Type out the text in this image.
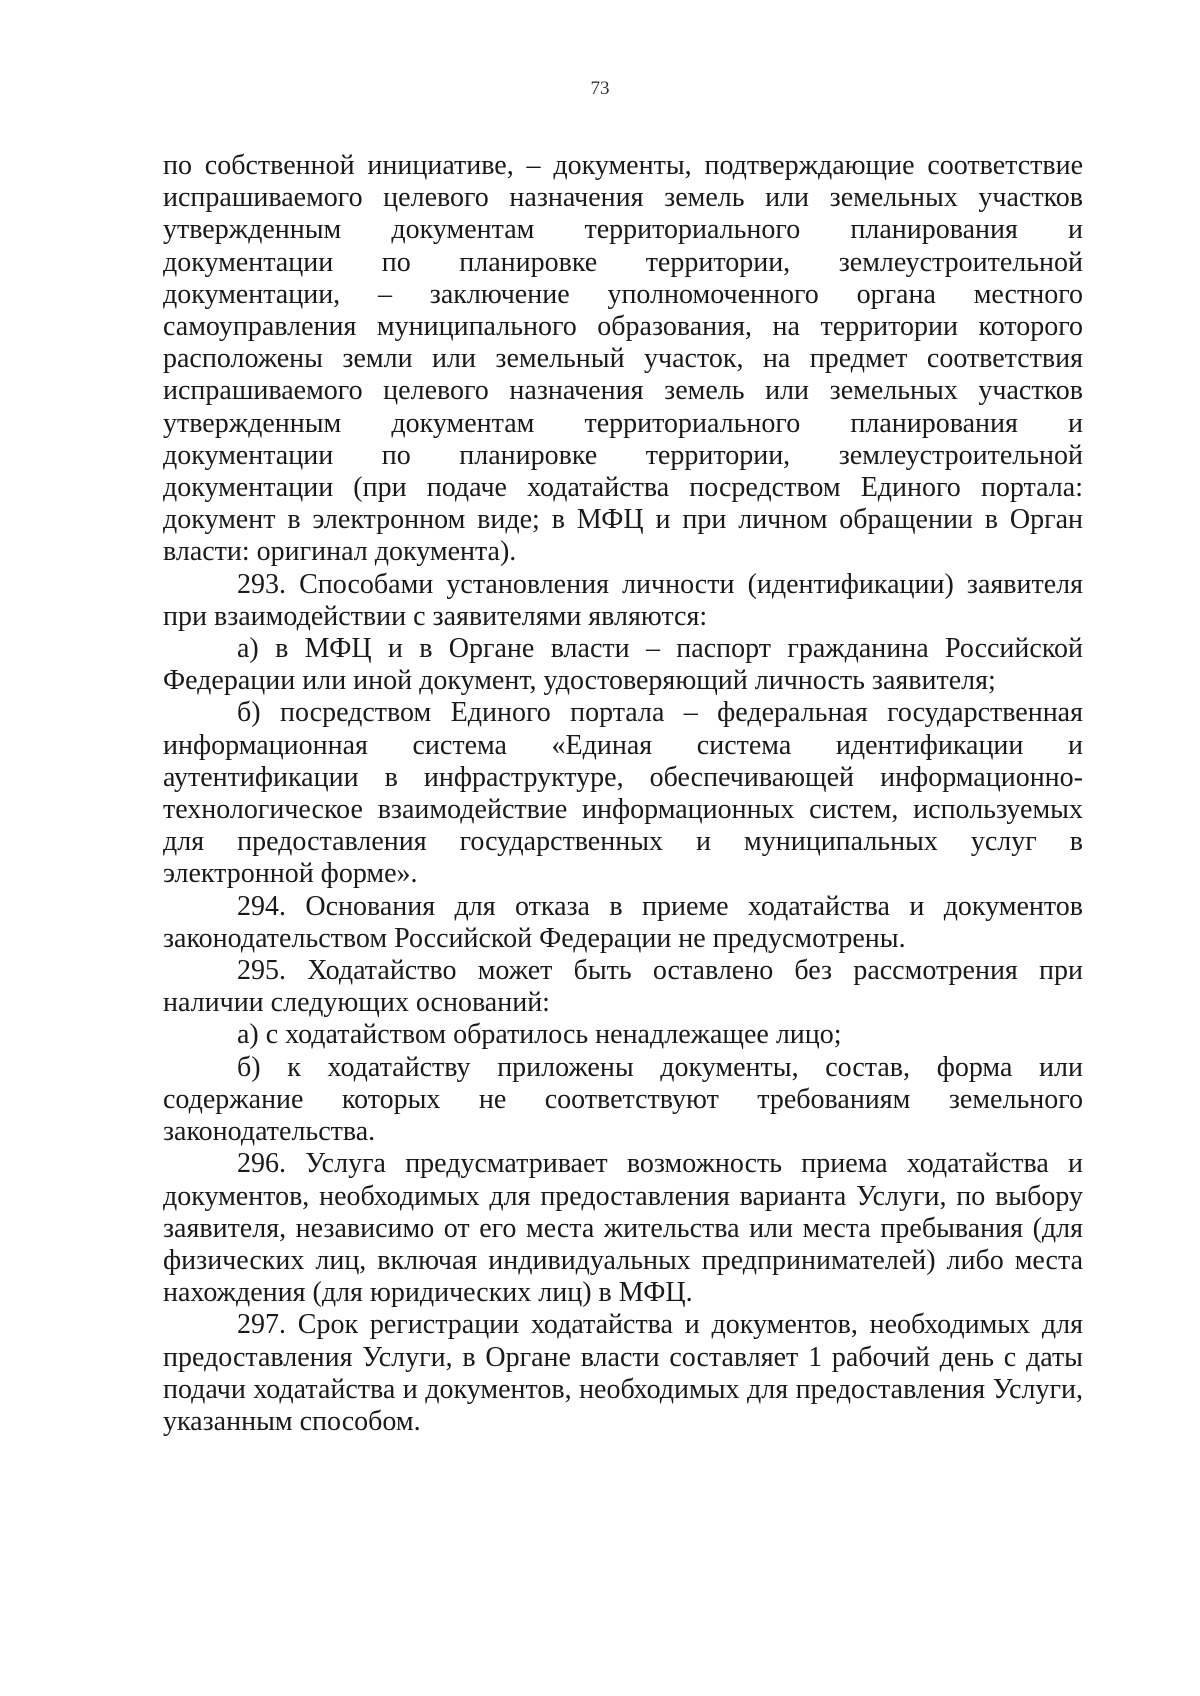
73

по собственной инициативе, – документы, подтверждающие соответствие испрашиваемого целевого назначения земель или земельных участков утвержденным документам территориального планирования и документации по планировке территории, землеустроительной документации, – заключение уполномоченного органа местного самоуправления муниципального образования, на территории которого расположены земли или земельный участок, на предмет соответствия испрашиваемого целевого назначения земель или земельных участков утвержденным документам территориального планирования и документации по планировке территории, землеустроительной документации (при подаче ходатайства посредством Единого портала: документ в электронном виде; в МФЦ и при личном обращении в Орган власти: оригинал документа).

293. Способами установления личности (идентификации) заявителя при взаимодействии с заявителями являются:

а) в МФЦ и в Органе власти – паспорт гражданина Российской Федерации или иной документ, удостоверяющий личность заявителя;

б) посредством Единого портала – федеральная государственная информационная система «Единая система идентификации и аутентификации в инфраструктуре, обеспечивающей информационно-технологическое взаимодействие информационных систем, используемых для предоставления государственных и муниципальных услуг в электронной форме».

294. Основания для отказа в приеме ходатайства и документов законодательством Российской Федерации не предусмотрены.

295. Ходатайство может быть оставлено без рассмотрения при наличии следующих оснований:

а) с ходатайством обратилось ненадлежащее лицо;

б) к ходатайству приложены документы, состав, форма или содержание которых не соответствуют требованиям земельного законодательства.

296. Услуга предусматривает возможность приема ходатайства и документов, необходимых для предоставления варианта Услуги, по выбору заявителя, независимо от его места жительства или места пребывания (для физических лиц, включая индивидуальных предпринимателей) либо места нахождения (для юридических лиц) в МФЦ.

297. Срок регистрации ходатайства и документов, необходимых для предоставления Услуги, в Органе власти составляет 1 рабочий день с даты подачи ходатайства и документов, необходимых для предоставления Услуги, указанным способом.
